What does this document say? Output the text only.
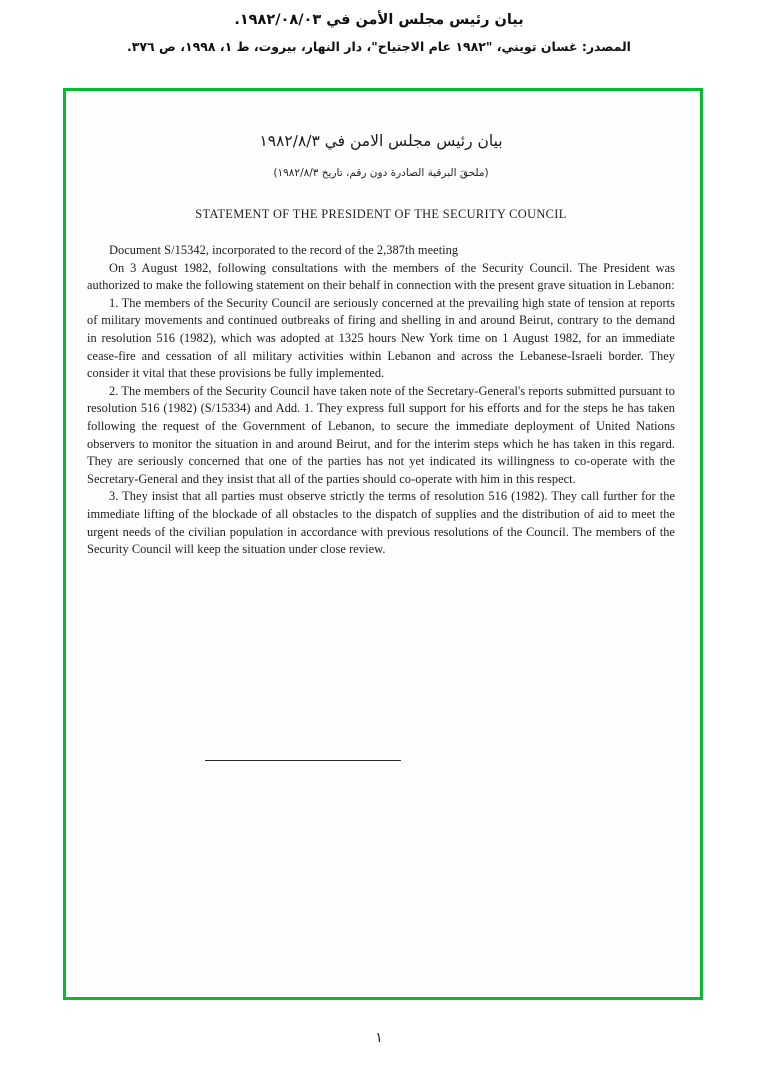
بيان رئيس مجلس الأمن في ١٩٨٢/٠٨/٠٣.
المصدر: غسان تويني، "١٩٨٢ عام الاجتياح"، دار النهار، بيروت، ط ١، ١٩٩٨، ص ٣٧٦.
بيان رئيس مجلس الامن في ١٩٨٢/٨/٣
(ملحقَ البرقية الصادرة دون رقم، تاريخ ١٩٨٢/٨/٣)
STATEMENT OF THE PRESIDENT OF THE SECURITY COUNCIL

Document S/15342, incorporated to the record of the 2,387th meeting

On 3 August 1982, following consultations with the members of the Security Council. The President was authorized to make the following statement on their behalf in connection with the present grave situation in Lebanon:

1. The members of the Security Council are seriously concerned at the prevailing high state of tension at reports of military movements and continued outbreaks of firing and shelling in and around Beirut, contrary to the demand in resolution 516 (1982), which was adopted at 1325 hours New York time on 1 August 1982, for an immediate cease-fire and cessation of all military activities within Lebanon and across the Lebanese-Israeli border. They consider it vital that these provisions be fully implemented.

2. The members of the Security Council have taken note of the Secretary-General's reports submitted pursuant to resolution 516 (1982) (S/15334) and Add. 1. They express full support for his efforts and for the steps he has taken following the request of the Government of Lebanon, to secure the immediate deployment of United Nations observers to monitor the situation in and around Beirut, and for the interim steps which he has taken in this regard. They are seriously concerned that one of the parties has not yet indicated its willingness to co-operate with the Secretary-General and they insist that all of the parties should co-operate with him in this respect.

3. They insist that all parties must observe strictly the terms of resolution 516 (1982). They call further for the immediate lifting of the blockade of all obstacles to the dispatch of supplies and the distribution of aid to meet the urgent needs of the civilian population in accordance with previous resolutions of the Council. The members of the Security Council will keep the situation under close review.

١
